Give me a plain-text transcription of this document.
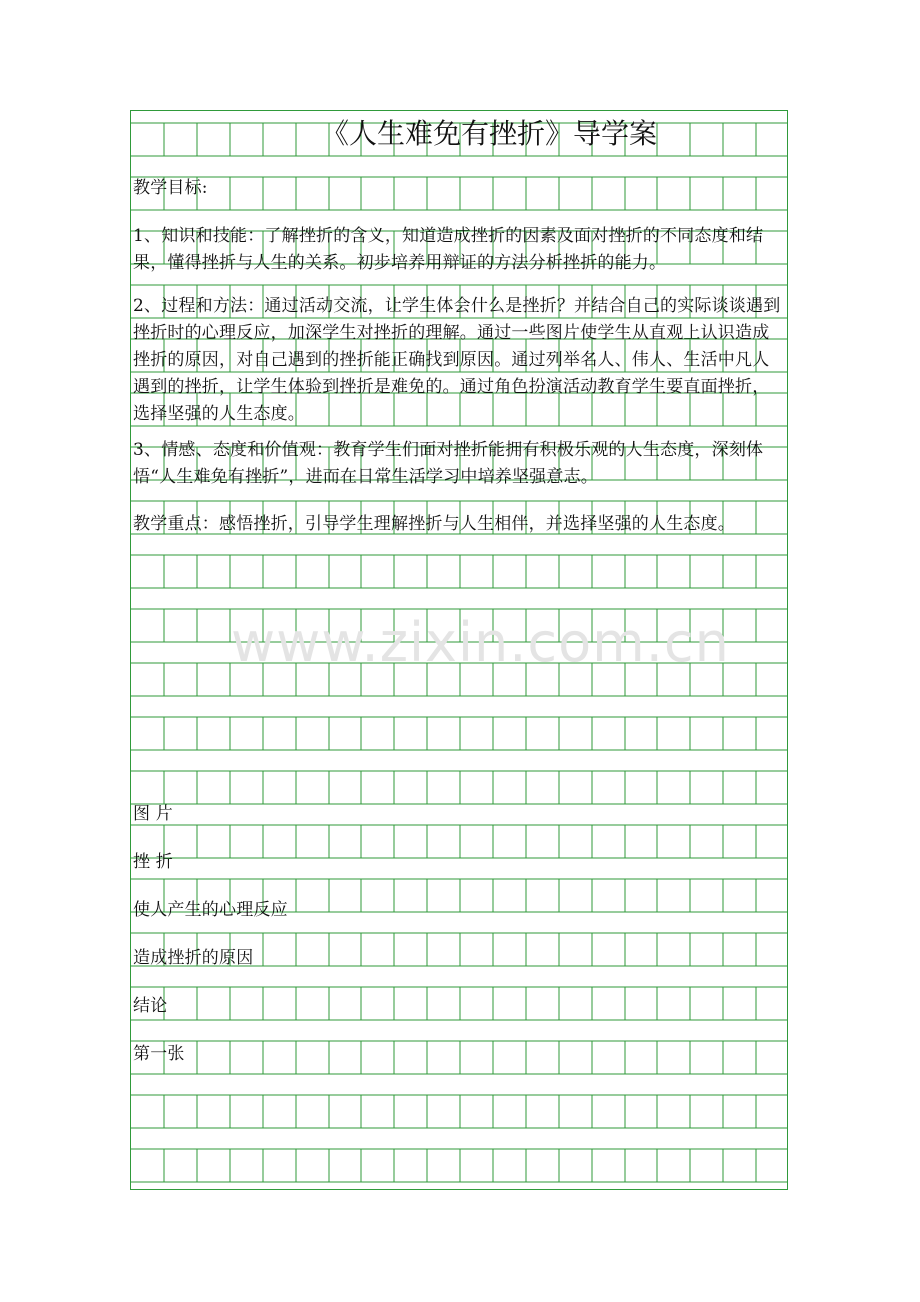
www.zixin.com.cn
《人生难免有挫折》导学案
教学目标:
1、知识和技能：了解挫折的含义，知道造成挫折的因素及面对挫折的不同态度和结果，懂得挫折与人生的关系。初步培养用辩证的方法分析挫折的能力。
2、过程和方法：通过活动交流，让学生体会什么是挫折？并结合自己的实际谈谈遇到挫折时的心理反应，加深学生对挫折的理解。通过一些图片使学生从直观上认识造成挫折的原因，对自己遇到的挫折能正确找到原因。通过列举名人、伟人、生活中凡人遇到的挫折，让学生体验到挫折是难免的。通过角色扮演活动教育学生要直面挫折，选择坚强的人生态度。
3、情感、态度和价值观：教育学生们面对挫折能拥有积极乐观的人生态度，深刻体悟“人生难免有挫折”，进而在日常生活学习中培养坚强意志。
教学重点：感悟挫折，引导学生理解挫折与人生相伴，并选择坚强的人生态度。
图 片
挫 折
使人产生的心理反应
造成挫折的原因
结论
第一张
